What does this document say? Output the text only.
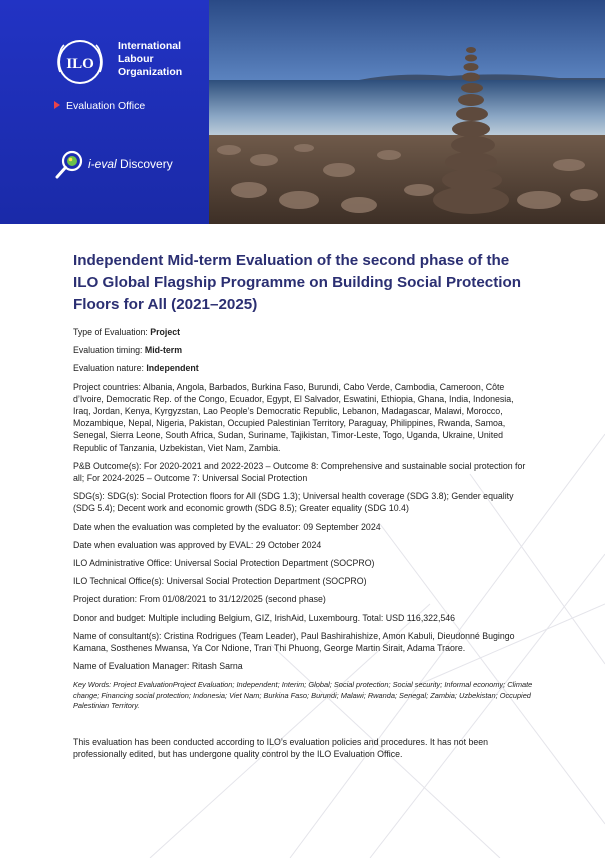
ILO
International
Labour
Organization
Evaluation Office
i-eval Discovery
Independent Mid-term Evaluation of the second phase of the ILO Global Flagship Programme on Building Social Protection Floors for All (2021–2025)

Type of Evaluation: Project

Evaluation timing: Mid-term

Evaluation nature: Independent

Project countries: Albania, Angola, Barbados, Burkina Faso, Burundi, Cabo Verde, Cambodia, Cameroon, Côte d’Ivoire, Democratic Rep. of the Congo, Ecuador, Egypt, El Salvador, Eswatini, Ethiopia, Ghana, India, Indonesia, Iraq, Jordan, Kenya, Kyrgyzstan, Lao People’s Democratic Republic, Lebanon, Madagascar, Malawi, Morocco, Mozambique, Nepal, Nigeria, Pakistan, Occupied Palestinian Territory, Paraguay, Philippines, Rwanda, Samoa, Senegal, Sierra Leone, South Africa, Sudan, Suriname, Tajikistan, Timor-Leste, Togo, Uganda, Ukraine, United Republic of Tanzania, Uzbekistan, Viet Nam, Zambia.

P&B Outcome(s): For 2020-2021 and 2022-2023 – Outcome 8: Comprehensive and sustainable social protection for all; For 2024-2025 – Outcome 7: Universal Social Protection

SDG(s): SDG(s): Social Protection floors for All (SDG 1.3); Universal health coverage (SDG 3.8); Gender equality (SDG 5.4); Decent work and economic growth (SDG 8.5); Greater equality (SDG 10.4)

Date when the evaluation was completed by the evaluator: 09 September 2024

Date when evaluation was approved by EVAL: 29 October 2024

ILO Administrative Office: Universal Social Protection Department (SOCPRO)

ILO Technical Office(s): Universal Social Protection Department (SOCPRO)

Project duration: From 01/08/2021 to 31/12/2025 (second phase)

Donor and budget: Multiple including Belgium, GIZ, IrishAid, Luxembourg. Total: USD 116,322,546

Name of consultant(s): Cristina Rodrigues (Team Leader), Paul Bashirahishize, Amon Kabuli, Dieudonné Bugingo Kamana, Sosthenes Mwansa, Ya Cor Ndione, Tran Thi Phuong, George Martin Sirait, Adama Traore.

Name of Evaluation Manager: Ritash Sarna

Key Words: Project EvaluationProject Evaluation; Independent; Interim; Global; Social protection; Social security; Informal economy; Climate change; Financing social protection; Indonesia; Viet Nam; Burkina Faso; Burundi; Malawi; Rwanda; Senegal; Zambia; Uzbekistan; Occupied Palestinian Territory.

This evaluation has been conducted according to ILO’s evaluation policies and procedures. It has not been professionally edited, but has undergone quality control by the ILO Evaluation Office.
